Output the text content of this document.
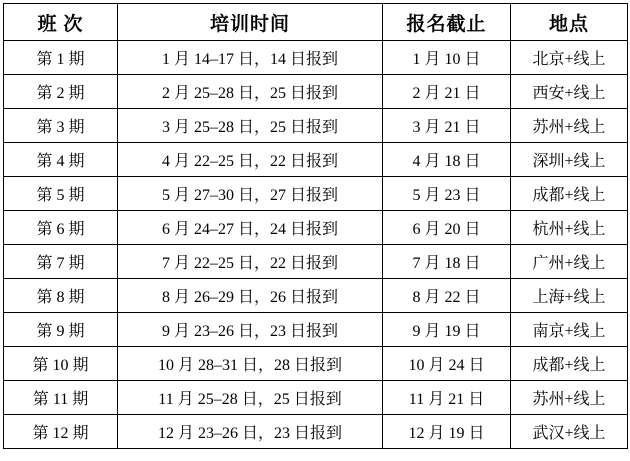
班 次	培训时间	报名截止	地点
第 1 期	1 月 14–17 日，14 日报到	1 月 10 日	北京+线上
第 2 期	2 月 25–28 日，25 日报到	2 月 21 日	西安+线上
第 3 期	3 月 25–28 日，25 日报到	3 月 21 日	苏州+线上
第 4 期	4 月 22–25 日，22 日报到	4 月 18 日	深圳+线上
第 5 期	5 月 27–30 日，27 日报到	5 月 23 日	成都+线上
第 6 期	6 月 24–27 日，24 日报到	6 月 20 日	杭州+线上
第 7 期	7 月 22–25 日，22 日报到	7 月 18 日	广州+线上
第 8 期	8 月 26–29 日，26 日报到	8 月 22 日	上海+线上
第 9 期	9 月 23–26 日，23 日报到	9 月 19 日	南京+线上
第 10 期	10 月 28–31 日，28 日报到	10 月 24 日	成都+线上
第 11 期	11 月 25–28 日，25 日报到	11 月 21 日	苏州+线上
第 12 期	12 月 23–26 日，23 日报到	12 月 19 日	武汉+线上
